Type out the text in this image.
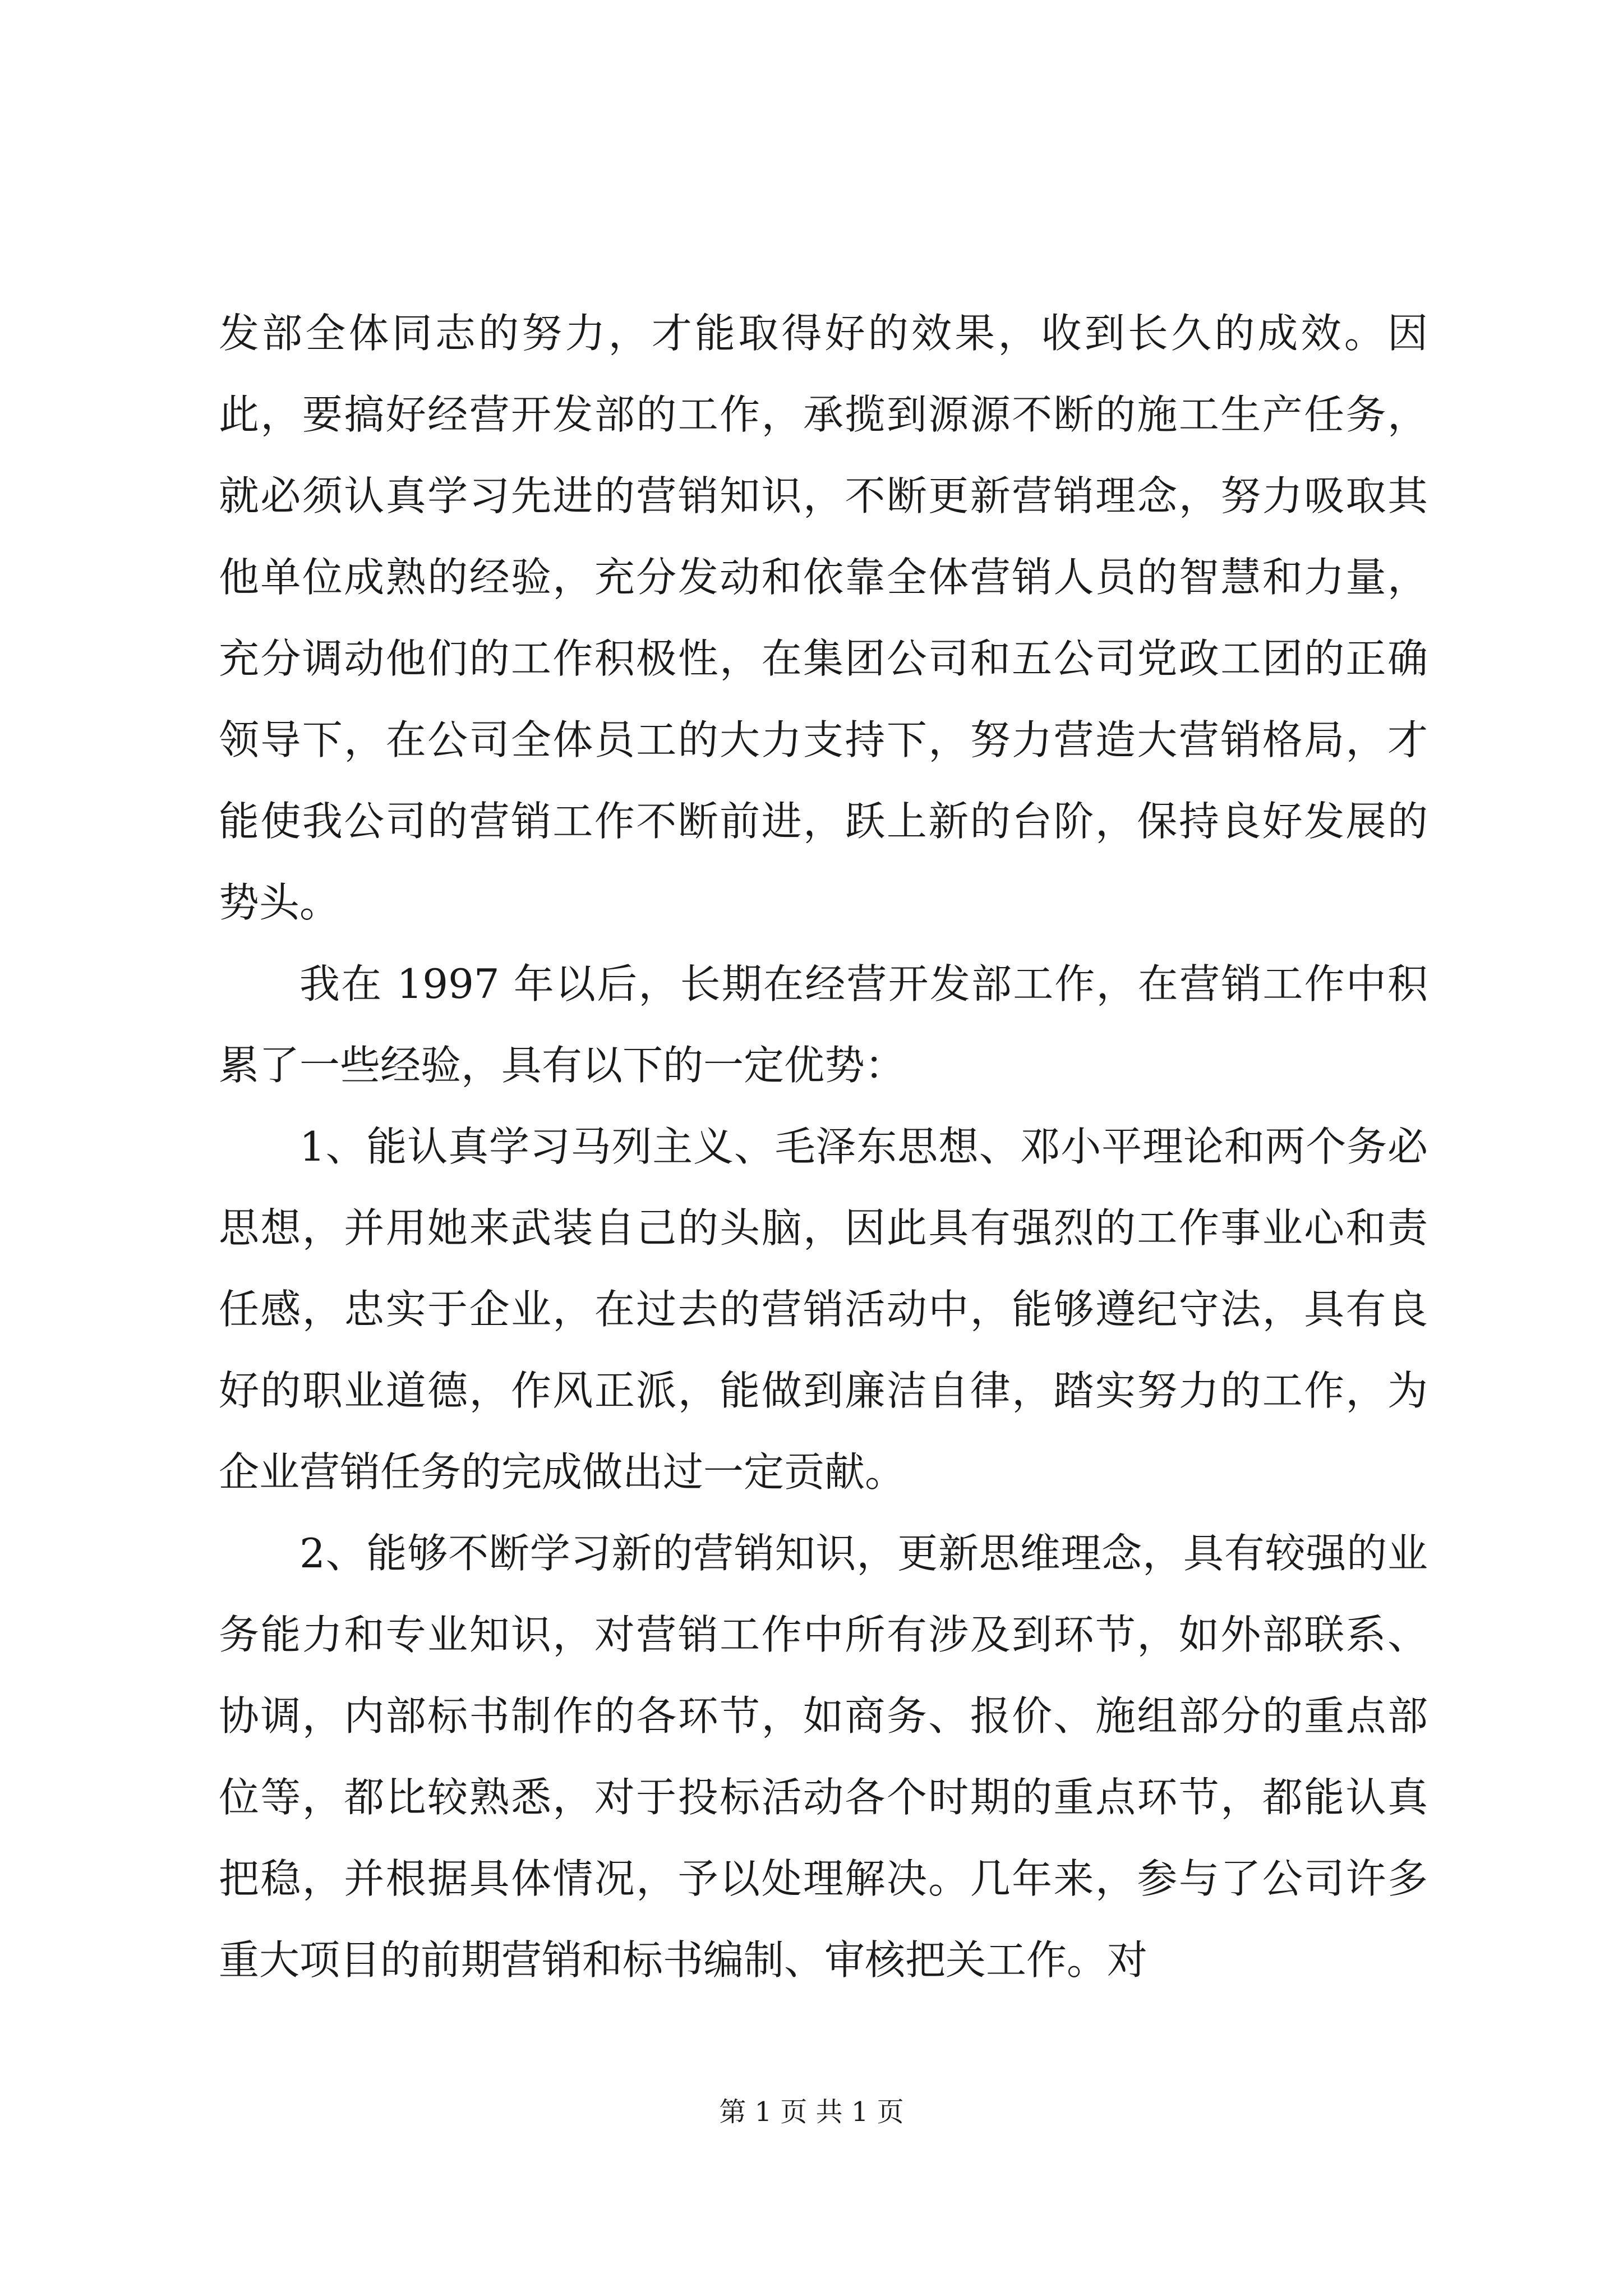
发部全体同志的努力，才能取得好的效果，收到长久的成效。因此，要搞好经营开发部的工作，承揽到源源不断的施工生产任务，就必须认真学习先进的营销知识，不断更新营销理念，努力吸取其他单位成熟的经验，充分发动和依靠全体营销人员的智慧和力量，充分调动他们的工作积极性，在集团公司和五公司党政工团的正确领导下，在公司全体员工的大力支持下，努力营造大营销格局，才能使我公司的营销工作不断前进，跃上新的台阶，保持良好发展的势头。

我在 1997 年以后，长期在经营开发部工作，在营销工作中积累了一些经验，具有以下的一定优势：

1、能认真学习马列主义、毛泽东思想、邓小平理论和两个务必思想，并用她来武装自己的头脑，因此具有强烈的工作事业心和责任感，忠实于企业，在过去的营销活动中，能够遵纪守法，具有良好的职业道德，作风正派，能做到廉洁自律，踏实努力的工作，为企业营销任务的完成做出过一定贡献。

2、能够不断学习新的营销知识，更新思维理念，具有较强的业务能力和专业知识，对营销工作中所有涉及到环节，如外部联系、协调，内部标书制作的各环节，如商务、报价、施组部分的重点部位等，都比较熟悉，对于投标活动各个时期的重点环节，都能认真把稳，并根据具体情况，予以处理解决。几年来，参与了公司许多重大项目的前期营销和标书编制、审核把关工作。对

第 1 页 共 1 页
